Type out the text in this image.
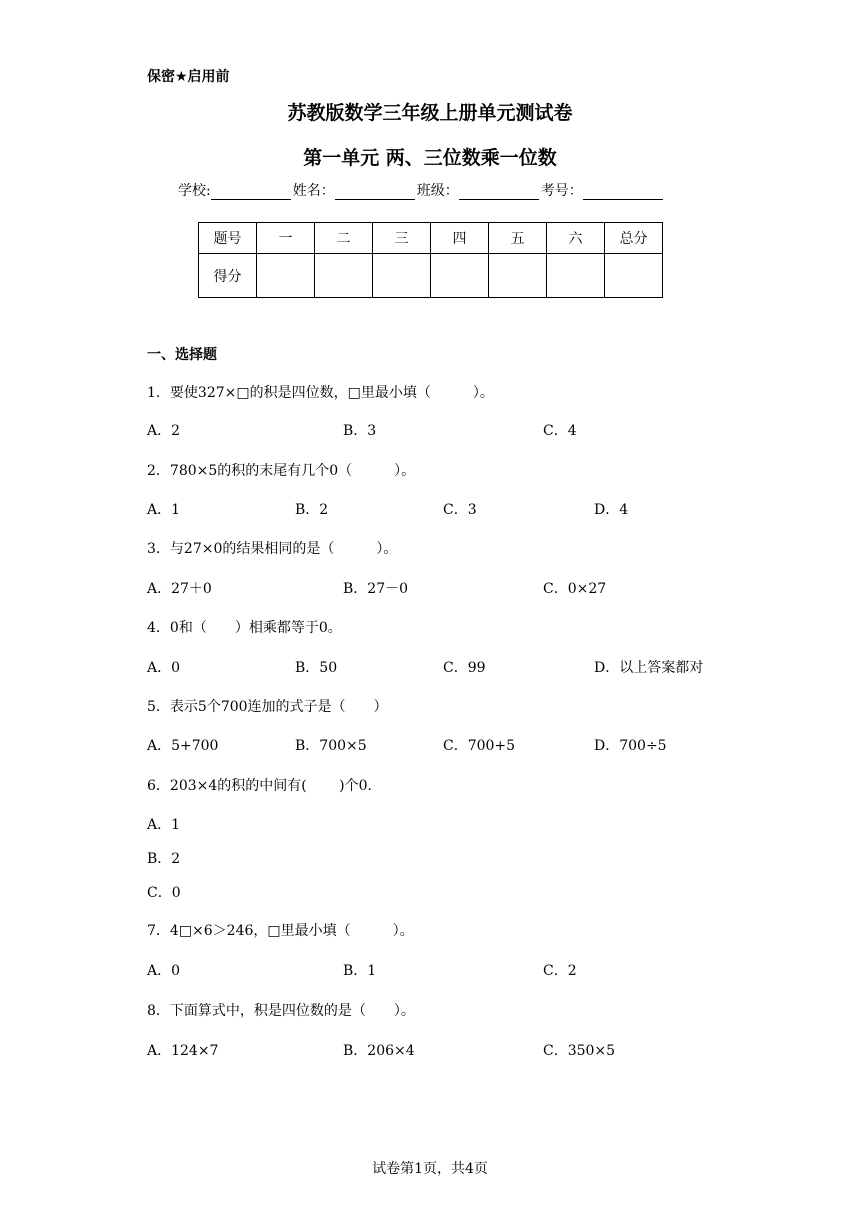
保密★启用前
苏教版数学三年级上册单元测试卷
第一单元 两、三位数乘一位数
学校:	姓名：	班级：	考号：
题号	一	二	三	四	五	六	总分
得分							
一、选择题
1．要使327×□的积是四位数，□里最小填（　　　）。
A．2	B．3	C．4
2．780×5的积的末尾有几个0（　　　）。
A．1	B．2	C．3	D．4
3．与27×0的结果相同的是（　　　）。
A．27＋0	B．27－0	C．0×27
4．0和（　　）相乘都等于0。
A．0	B．50	C．99	D．以上答案都对
5．表示5个700连加的式子是（　　）
A．5+700	B．700×5	C．700+5	D．700÷5
6．203×4的积的中间有(　　 )个0．
A．1
B．2
C．0
7．4□×6＞246，□里最小填（　　　）。
A．0	B．1	C．2
8．下面算式中，积是四位数的是（　　）。
A．124×7	B．206×4	C．350×5
试卷第1页，共4页
